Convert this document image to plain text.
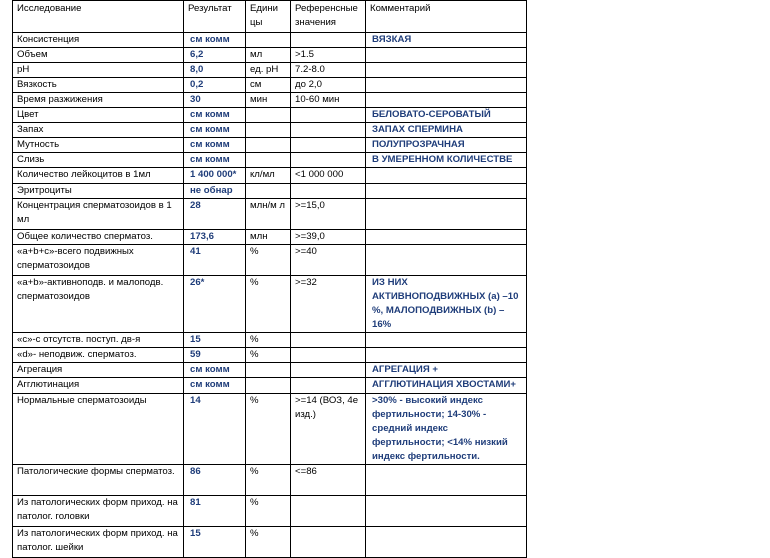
Исследование	Результат	Едини цы	Референсные значения	Комментарий
Консистенция	см комм			ВЯЗКАЯ
Объем	6,2	мл	>1.5	
pH	8,0	ед. pH	7.2-8.0	
Вязкость	0,2	см	до 2,0	
Время разжижения	30	мин	10-60 мин	
Цвет	см комм			БЕЛОВАТО-СЕРОВАТЫЙ
Запах	см комм			ЗАПАХ СПЕРМИНА
Мутность	см комм			ПОЛУПРОЗРАЧНАЯ
Слизь	см комм			В УМЕРЕННОМ КОЛИЧЕСТВЕ
Количество лейкоцитов в 1мл	1 400 000*	кл/мл	<1 000 000	
Эритроциты	не обнар			
Концентрация сперматозоидов в 1 мл	28	млн/м л	>=15,0	
Общее количество сперматоз.	173,6	млн	>=39,0	
«a+b+c»-всего подвижных сперматозоидов	41	%	>=40	
«a+b»-активноподв. и малоподв. сперматозоидов	26*	%	>=32	ИЗ НИХ АКТИВНОПОДВИЖНЫХ (a) –10 %, МАЛОПОДВИЖНЫХ (b) – 16%
«c»-с отсутств. поступ. дв-я	15	%		
«d»- неподвиж. сперматоз.	59	%		
Агрегация	см комм			АГРЕГАЦИЯ +
Агглютинация	см комм			АГГЛЮТИНАЦИЯ ХВОСТАМИ+
Нормальные сперматозоиды	14	%	>=14 (ВОЗ, 4е изд.)	>30% - высокий индекс фертильности; 14-30% - средний индекс фертильности; <14% низкий индекс фертильности.
Патологические формы сперматоз.	86	%	<=86	
Из патологических форм приход. на патолог. головки	81	%		
Из патологических форм приход. на патолог. шейки	15	%		
